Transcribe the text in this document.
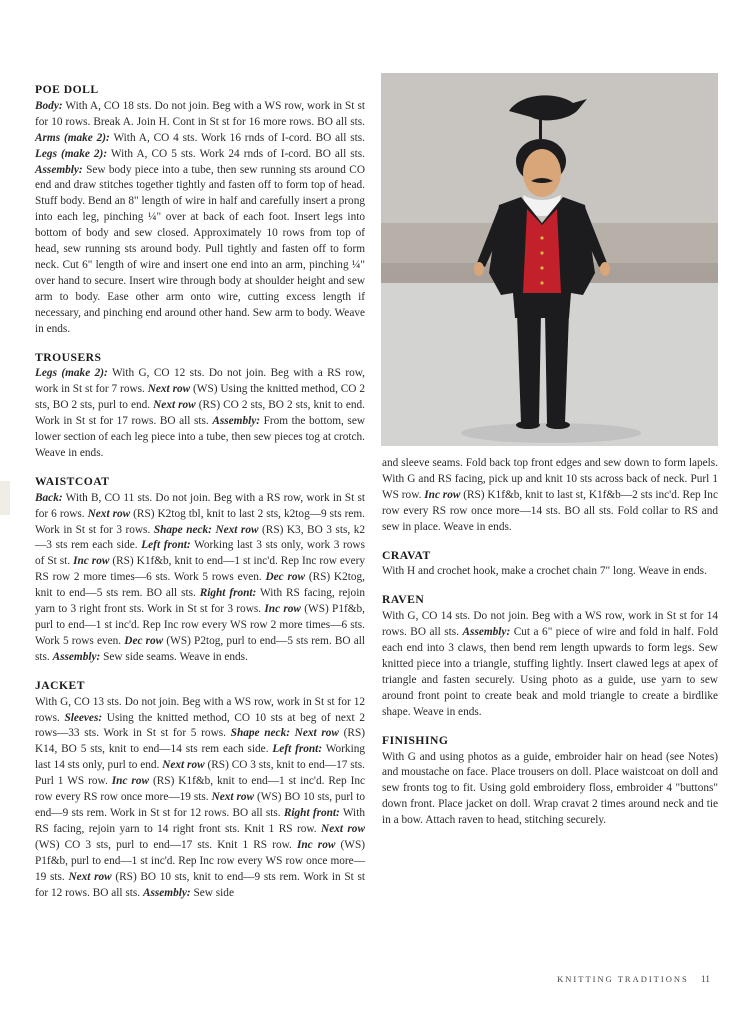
POE DOLL

Body: With A, CO 18 sts. Do not join. Beg with a WS row, work in St st for 10 rows. Break A. Join H. Cont in St st for 16 more rows. BO all sts. Arms (make 2): With A, CO 4 sts. Work 16 rnds of I-cord. BO all sts. Legs (make 2): With A, CO 5 sts. Work 24 rnds of I-cord. BO all sts. Assembly: Sew body piece into a tube, then sew running sts around CO end and draw stitches together tightly and fasten off to form top of head. Stuff body. Bend an 8" length of wire in half and carefully insert a prong into each leg, pinching ¼" over at back of each foot. Insert legs into bottom of body and sew closed. Approximately 10 rows from top of head, sew running sts around body. Pull tightly and fasten off to form neck. Cut 6" length of wire and insert one end into an arm, pinching ¼" over hand to secure. Insert wire through body at shoulder height and sew arm to body. Ease other arm onto wire, cutting excess length if necessary, and pinching end around other hand. Sew arm to body. Weave in ends.

TROUSERS

Legs (make 2): With G, CO 12 sts. Do not join. Beg with a RS row, work in St st for 7 rows. Next row (WS) Using the knitted method, CO 2 sts, BO 2 sts, purl to end. Next row (RS) CO 2 sts, BO 2 sts, knit to end. Work in St st for 17 rows. BO all sts. Assembly: From the bottom, sew lower section of each leg piece into a tube, then sew pieces tog at crotch. Weave in ends.

WAISTCOAT

Back: With B, CO 11 sts. Do not join. Beg with a RS row, work in St st for 6 rows. Next row (RS) K2tog tbl, knit to last 2 sts, k2tog—9 sts rem. Work in St st for 3 rows. Shape neck: Next row (RS) K3, BO 3 sts, k2—3 sts rem each side. Left front: Working last 3 sts only, work 3 rows of St st. Inc row (RS) K1f&b, knit to end—1 st inc'd. Rep Inc row every RS row 2 more times—6 sts. Work 5 rows even. Dec row (RS) K2tog, knit to end—5 sts rem. BO all sts. Right front: With RS facing, rejoin yarn to 3 right front sts. Work in St st for 3 rows. Inc row (WS) P1f&b, purl to end—1 st inc'd. Rep Inc row every WS row 2 more times—6 sts. Work 5 rows even. Dec row (WS) P2tog, purl to end—5 sts rem. BO all sts. Assembly: Sew side seams. Weave in ends.

JACKET

With G, CO 13 sts. Do not join. Beg with a WS row, work in St st for 12 rows. Sleeves: Using the knitted method, CO 10 sts at beg of next 2 rows—33 sts. Work in St st for 5 rows. Shape neck: Next row (RS) K14, BO 5 sts, knit to end—14 sts rem each side. Left front: Working last 14 sts only, purl to end. Next row (RS) CO 3 sts, knit to end—17 sts. Purl 1 WS row. Inc row (RS) K1f&b, knit to end—1 st inc'd. Rep Inc row every RS row once more—19 sts. Next row (WS) BO 10 sts, purl to end—9 sts rem. Work in St st for 12 rows. BO all sts. Right front: With RS facing, rejoin yarn to 14 right front sts. Knit 1 RS row. Next row (WS) CO 3 sts, purl to end—17 sts. Knit 1 RS row. Inc row (WS) P1f&b, purl to end—1 st inc'd. Rep Inc row every WS row once more—19 sts. Next row (RS) BO 10 sts, knit to end—9 sts rem. Work in St st for 12 rows. BO all sts. Assembly: Sew side

and sleeve seams. Fold back top front edges and sew down to form lapels. With G and RS facing, pick up and knit 10 sts across back of neck. Purl 1 WS row. Inc row (RS) K1f&b, knit to last st, K1f&b—2 sts inc'd. Rep Inc row every RS row once more—14 sts. BO all sts. Fold collar to RS and sew in place. Weave in ends.

CRAVAT

With H and crochet hook, make a crochet chain 7" long. Weave in ends.

RAVEN

With G, CO 14 sts. Do not join. Beg with a WS row, work in St st for 14 rows. BO all sts. Assembly: Cut a 6" piece of wire and fold in half. Fold each end into 3 claws, then bend rem length upwards to form legs. Sew knitted piece into a triangle, stuffing lightly. Insert clawed legs at apex of triangle and fasten securely. Using photo as a guide, use yarn to sew around front point to create beak and mold triangle to create a birdlike shape. Weave in ends.

FINISHING

With G and using photos as a guide, embroider hair on head (see Notes) and moustache on face. Place trousers on doll. Place waistcoat on doll and sew fronts tog to fit. Using gold embroidery floss, embroider 4 "buttons" down front. Place jacket on doll. Wrap cravat 2 times around neck and tie in a bow. Attach raven to head, stitching securely.

KNITTING TRADITIONS 11
